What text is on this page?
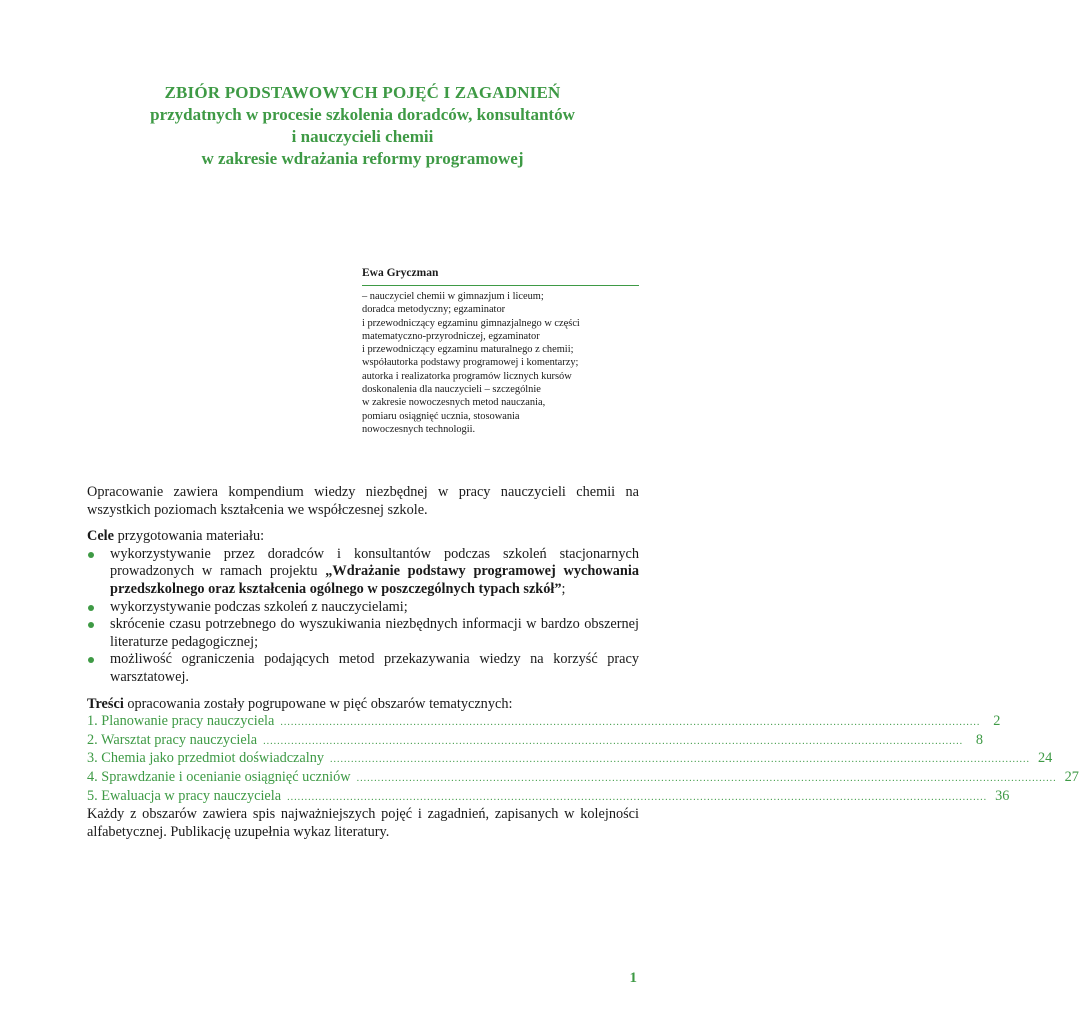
ZBIÓR PODSTAWOWYCH POJĘĆ I ZAGADNIEŃ
przydatnych w procesie szkolenia doradców, konsultantów
i nauczycieli chemii
w zakresie wdrażania reformy programowej
Ewa Gryczman
– nauczyciel chemii w gimnazjum i liceum;
doradca metodyczny; egzaminator
i przewodniczący egzaminu gimnazjalnego w części
matematyczno-przyrodniczej, egzaminator
i przewodniczący egzaminu maturalnego z chemii;
współautorka podstawy programowej i komentarzy;
autorka i realizatorka programów licznych kursów
doskonalenia dla nauczycieli – szczególnie
w zakresie nowoczesnych metod nauczania,
pomiaru osiągnięć ucznia, stosowania
nowoczesnych technologii.
Opracowanie zawiera kompendium wiedzy niezbędnej w pracy nauczycieli chemii na wszystkich poziomach kształcenia we współczesnej szkole.
Cele przygotowania materiału:
wykorzystywanie przez doradców i konsultantów podczas szkoleń stacjonarnych prowadzonych w ramach projektu „Wdrażanie podstawy programowej wychowania przedszkolnego oraz kształcenia ogólnego w poszczególnych typach szkół”;
wykorzystywanie podczas szkoleń z nauczycielami;
skrócenie czasu potrzebnego do wyszukiwania niezbędnych informacji w bardzo obszernej literaturze pedagogicznej;
możliwość ograniczenia podających metod przekazywania wiedzy na korzyść pracy warsztatowej.
Treści opracowania zostały pogrupowane w pięć obszarów tematycznych:
1. Planowanie pracy nauczyciela ........................................................................................................................................................................................................ 2
2. Warsztat pracy nauczyciela ........................................................................................................................................................................................................ 8
3. Chemia jako przedmiot doświadczalny ........................................................................................................................................................................................................ 24
4. Sprawdzanie i ocenianie osiągnięć uczniów ........................................................................................................................................................................................................ 27
5. Ewaluacja w pracy nauczyciela ........................................................................................................................................................................................................ 36
Każdy z obszarów zawiera spis najważniejszych pojęć i zagadnień, zapisanych w kolejności alfabetycznej. Publikację uzupełnia wykaz literatury.
1
